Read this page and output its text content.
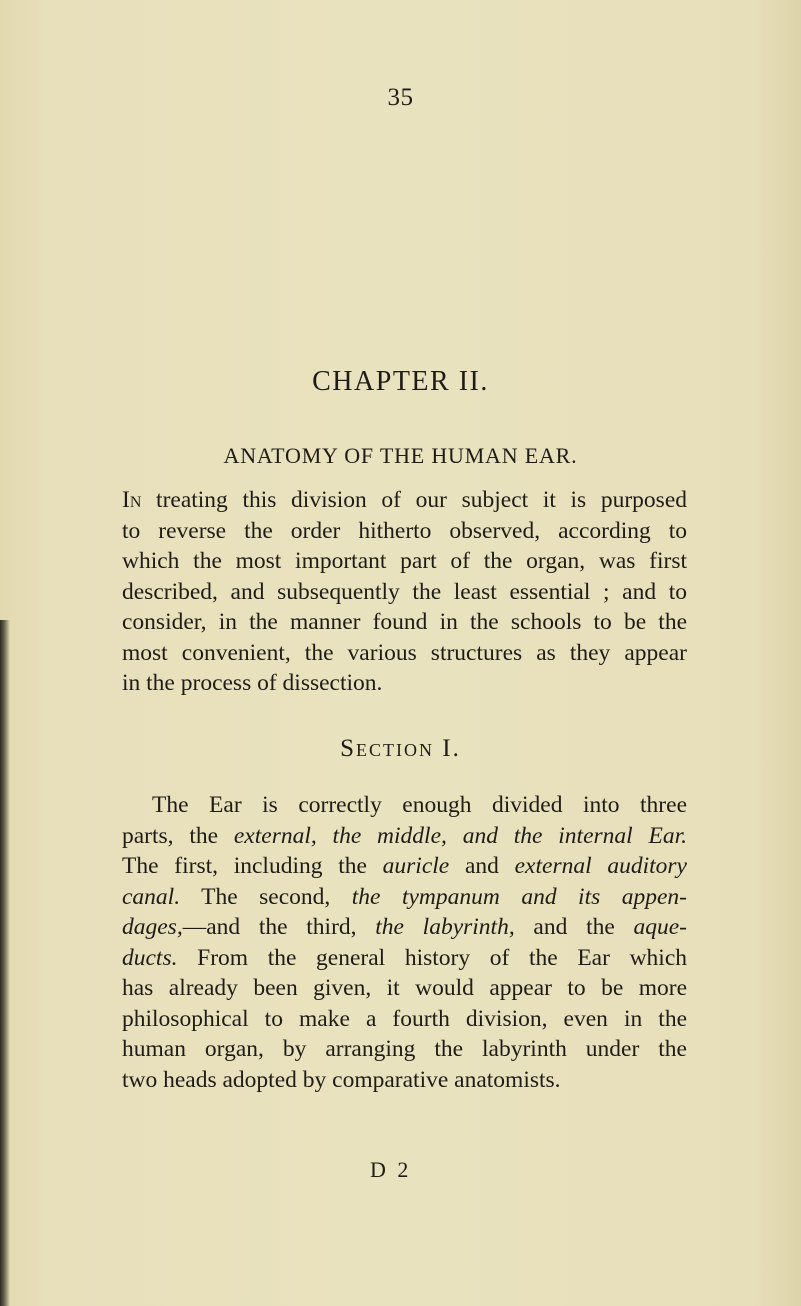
35
CHAPTER II.
ANATOMY OF THE HUMAN EAR.
In treating this division of our subject it is purposed
to reverse the order hitherto observed, according to
which the most important part of the organ, was first
described, and subsequently the least essential ; and to
consider, in the manner found in the schools to be the
most convenient, the various structures as they appear
in the process of dissection.
Section I.
The Ear is correctly enough divided into three
parts, the external, the middle, and the internal Ear.
The first, including the auricle and external auditory
canal. The second, the tympanum and its appen-
dages,—and the third, the labyrinth, and the aque-
ducts. From the general history of the Ear which
has already been given, it would appear to be more
philosophical to make a fourth division, even in the
human organ, by arranging the labyrinth under the
two heads adopted by comparative anatomists.
D 2
